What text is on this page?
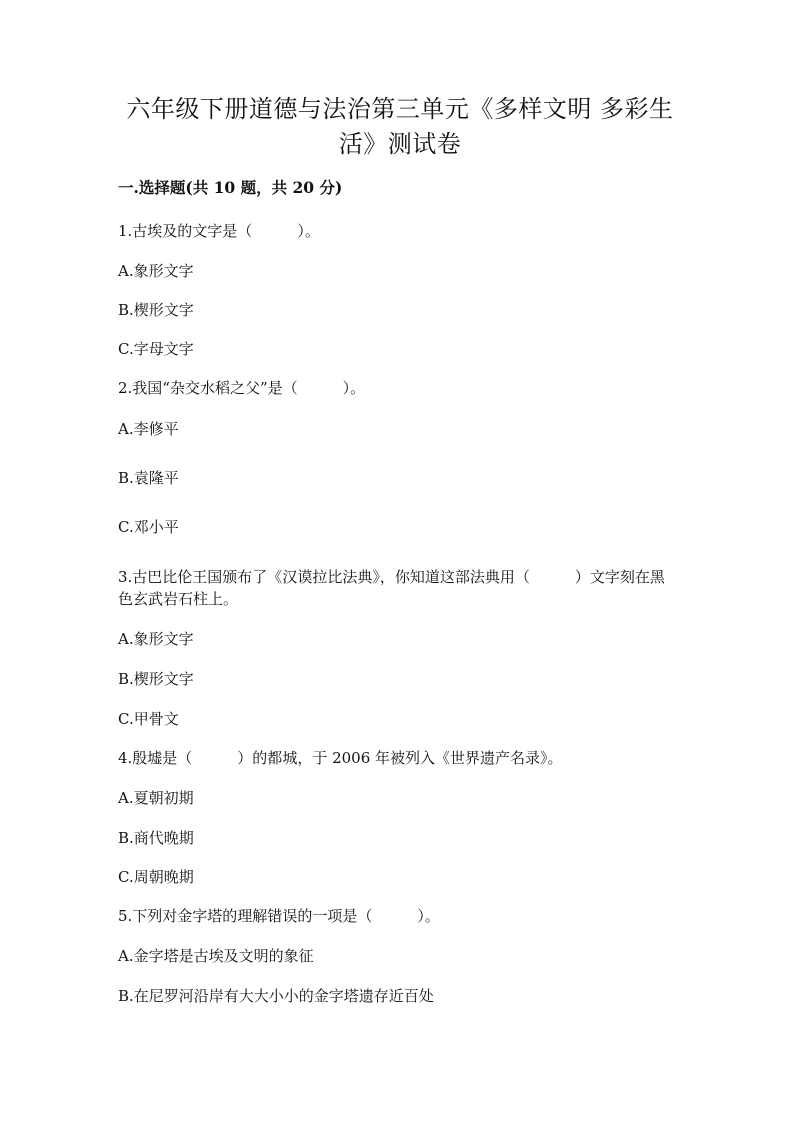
六年级下册道德与法治第三单元《多样文明 多彩生
活》测试卷
一.选择题(共 10 题，共 20 分)
1.古埃及的文字是（　　　）。
A.象形文字
B.楔形文字
C.字母文字
2.我国“杂交水稻之父”是（　　　）。
A.李修平
B.袁隆平
C.邓小平
3.古巴比伦王国颁布了《汉谟拉比法典》，你知道这部法典用（　　　）文字刻在黑色玄武岩石柱上。
A.象形文字
B.楔形文字
C.甲骨文
4.殷墟是（　　　）的都城，于 2006 年被列入《世界遗产名录》。
A.夏朝初期
B.商代晚期
C.周朝晚期
5.下列对金字塔的理解错误的一项是（　　　）。
A.金字塔是古埃及文明的象征
B.在尼罗河沿岸有大大小小的金字塔遗存近百处
